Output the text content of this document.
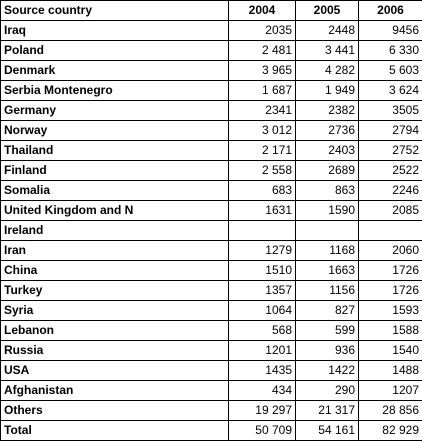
Source country	2004	2005	2006
Iraq	2035	2448	9456
Poland	2 481	3 441	6 330
Denmark	3 965	4 282	5 603
Serbia Montenegro	1 687	1 949	3 624
Germany	2341	2382	3505
Norway	3 012	2736	2794
Thailand	2 171	2403	2752
Finland	2 558	2689	2522
Somalia	683	863	2246
United Kingdom and N	1631	1590	2085
Ireland			
Iran	1279	1168	2060
China	1510	1663	1726
Turkey	1357	1156	1726
Syria	1064	827	1593
Lebanon	568	599	1588
Russia	1201	936	1540
USA	1435	1422	1488
Afghanistan	434	290	1207
Others	19 297	21 317	28 856
Total	50 709	54 161	82 929
